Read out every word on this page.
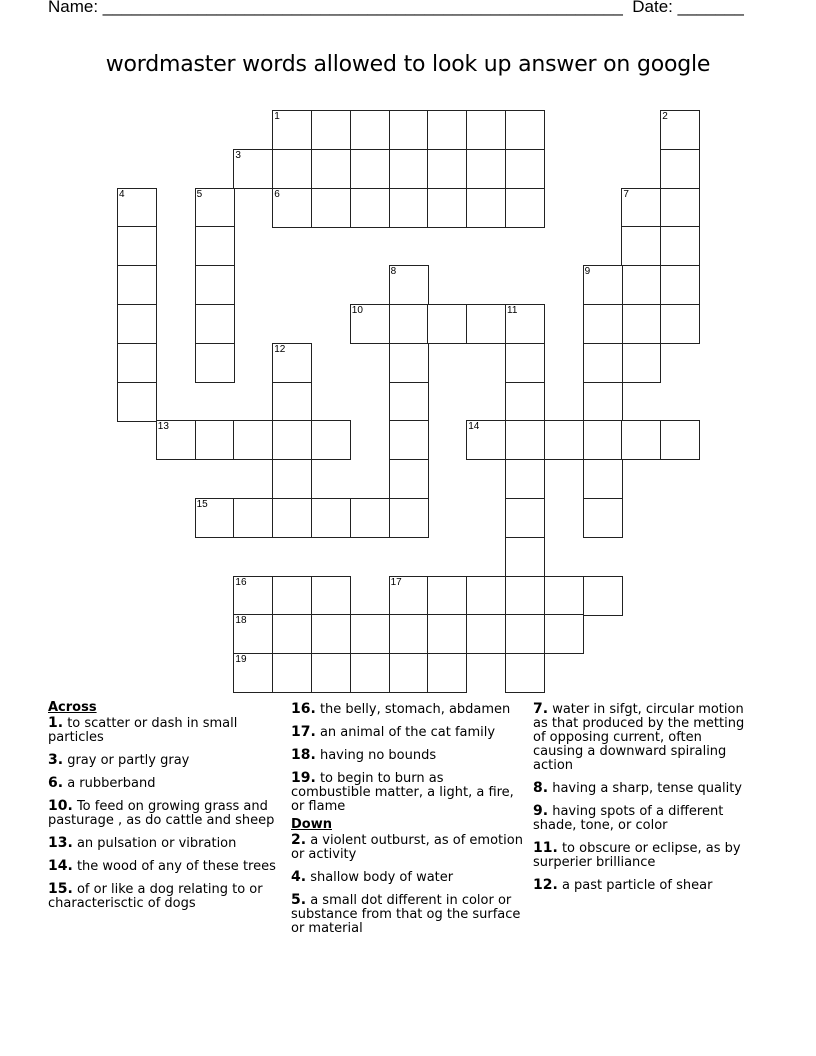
Name: _______________________________________________________  Date: _______
wordmaster words allowed to look up answer on google
1	2
3
4	5	6	7
8	9
10	11
12
13	14
15
16	17
18
19
Across
1. to scatter or dash in small particles
3. gray or partly gray
6. a rubberband
10. To feed on growing grass and pasturage , as do cattle and sheep
13. an pulsation or vibration
14. the wood of any of these trees
15. of or like a dog relating to or characterisctic of dogs
16. the belly, stomach, abdamen
17. an animal of the cat family
18. having no bounds
19. to begin to burn as combustible matter, a light, a fire, or flame
Down
2. a violent outburst, as of emotion or activity
4. shallow body of water
5. a small dot different in color or substance from that og the surface or material
7. water in sifgt, circular motion as that produced by the metting of opposing current, often causing a downward spiraling action
8. having a sharp, tense quality
9. having spots of a different shade, tone, or color
11. to obscure or eclipse, as by surperier brilliance
12. a past particle of shear
